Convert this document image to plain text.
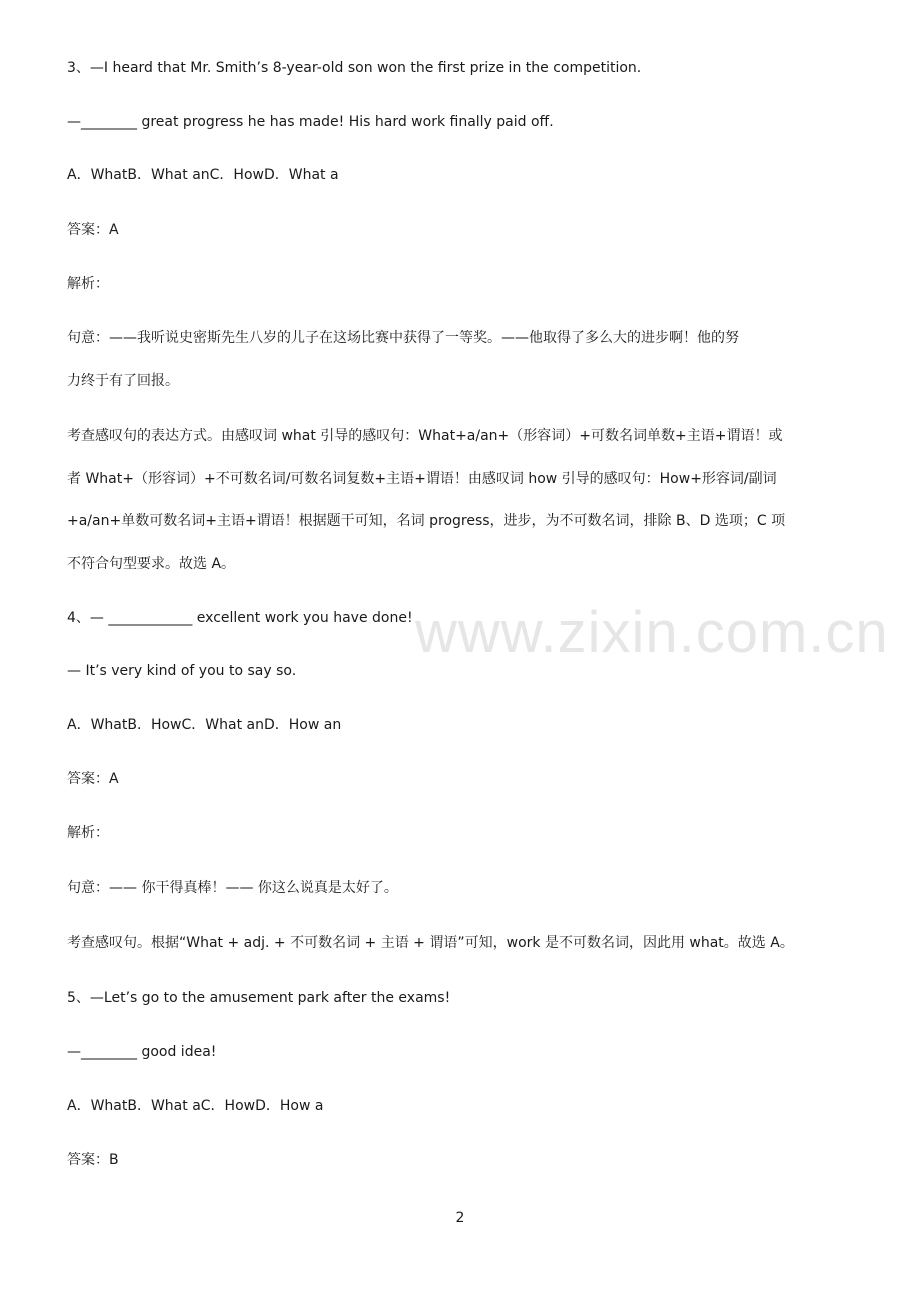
www.zixin.com.cn
3、—I heard that Mr. Smith’s 8-year-old son won the first prize in the competition.
—________ great progress he has made! His hard work finally paid off.
A．WhatB．What anC．HowD．What a
答案：A
解析：
句意：——我听说史密斯先生八岁的儿子在这场比赛中获得了一等奖。——他取得了多么大的进步啊！他的努
力终于有了回报。
考查感叹句的表达方式。由感叹词 what 引导的感叹句：What+a/an+（形容词）+可数名词单数+主语+谓语！或
者 What+（形容词）+不可数名词/可数名词复数+主语+谓语！由感叹词 how 引导的感叹句：How+形容词/副词
+a/an+单数可数名词+主语+谓语！根据题干可知，名词 progress，进步，为不可数名词，排除 B、D 选项；C 项
不符合句型要求。故选 A。
4、— ____________ excellent work you have done!
— It’s very kind of you to say so.
A．WhatB．HowC．What anD．How an
答案：A
解析：
句意：—— 你干得真棒！—— 你这么说真是太好了。
考查感叹句。根据“What + adj. + 不可数名词 + 主语 + 谓语”可知，work 是不可数名词，因此用 what。故选 A。
5、—Let’s go to the amusement park after the exams!
—________ good idea!
A．WhatB．What aC．HowD．How a
答案：B
2
